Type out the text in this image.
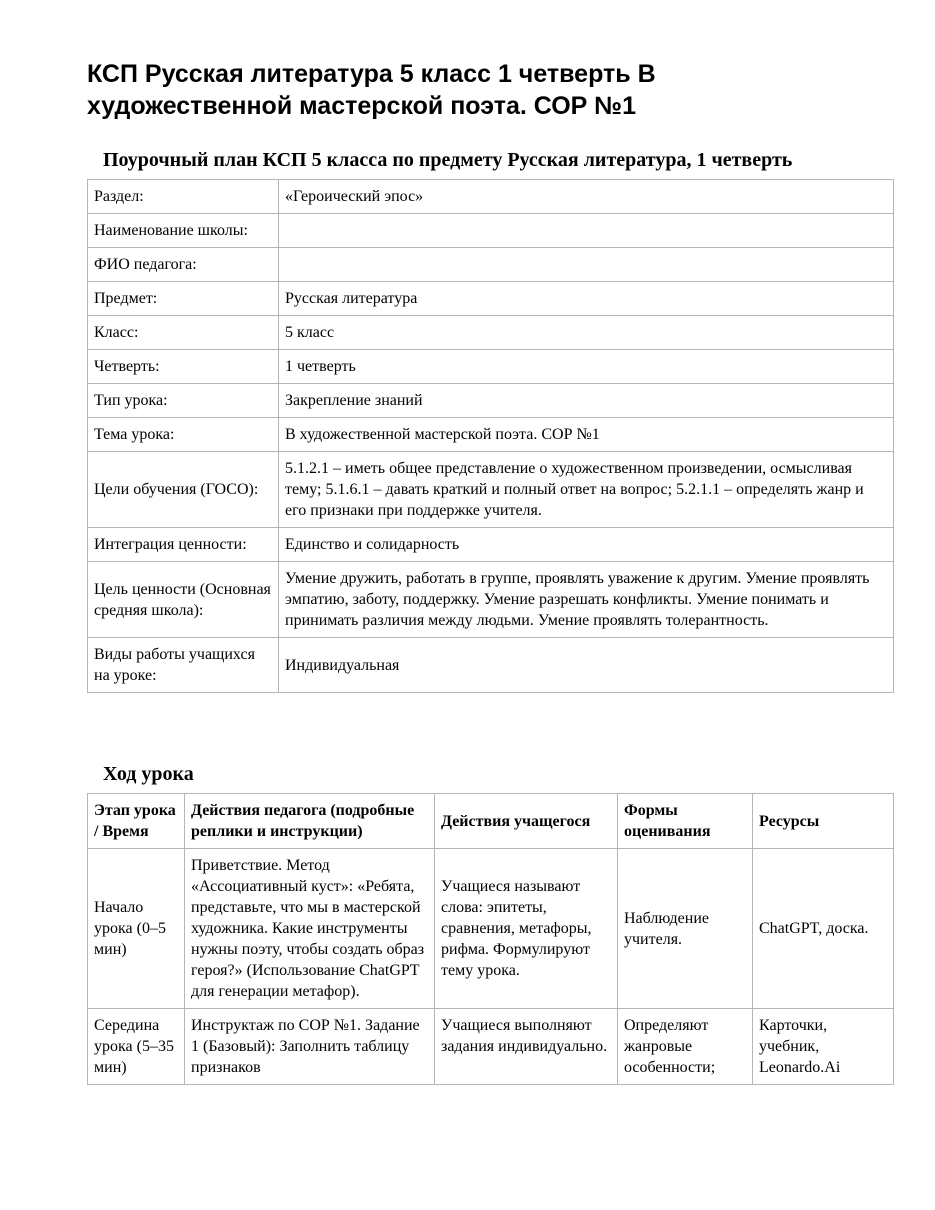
КСП Русская литература 5 класс 1 четверть В художественной мастерской поэта. СОР №1
Поурочный план КСП 5 класса по предмету Русская литература, 1 четверть
Раздел:	«Героический эпос»
Наименование школы:	
ФИО педагога:	
Предмет:	Русская литература
Класс:	5 класс
Четверть:	1 четверть
Тип урока:	Закрепление знаний
Тема урока:	В художественной мастерской поэта. СОР №1
Цели обучения (ГОСО):	5.1.2.1 – иметь общее представление о художественном произведении, осмысливая тему; 5.1.6.1 – давать краткий и полный ответ на вопрос; 5.2.1.1 – определять жанр и его признаки при поддержке учителя.
Интеграция ценности:	Единство и солидарность
Цель ценности (Основная средняя школа):	Умение дружить, работать в группе, проявлять уважение к другим. Умение проявлять эмпатию, заботу, поддержку. Умение разрешать конфликты. Умение понимать и принимать различия между людьми. Умение проявлять толерантность.
Виды работы учащихся на уроке:	Индивидуальная
Ход урока
Этап урока / Время	Действия педагога (подробные реплики и инструкции)	Действия учащегося	Формы оценивания	Ресурсы
Начало урока (0–5 мин)	Приветствие. Метод «Ассоциативный куст»: «Ребята, представьте, что мы в мастерской художника. Какие инструменты нужны поэту, чтобы создать образ героя?» (Использование ChatGPT для генерации метафор).	Учащиеся называют слова: эпитеты, сравнения, метафоры, рифма. Формулируют тему урока.	Наблюдение учителя.	ChatGPT, доска.
Середина урока (5–35 мин)	Инструктаж по СОР №1. Задание 1 (Базовый): Заполнить таблицу признаков	Учащиеся выполняют задания индивидуально.	Определяют жанровые особенности;	Карточки, учебник, Leonardo.Ai
